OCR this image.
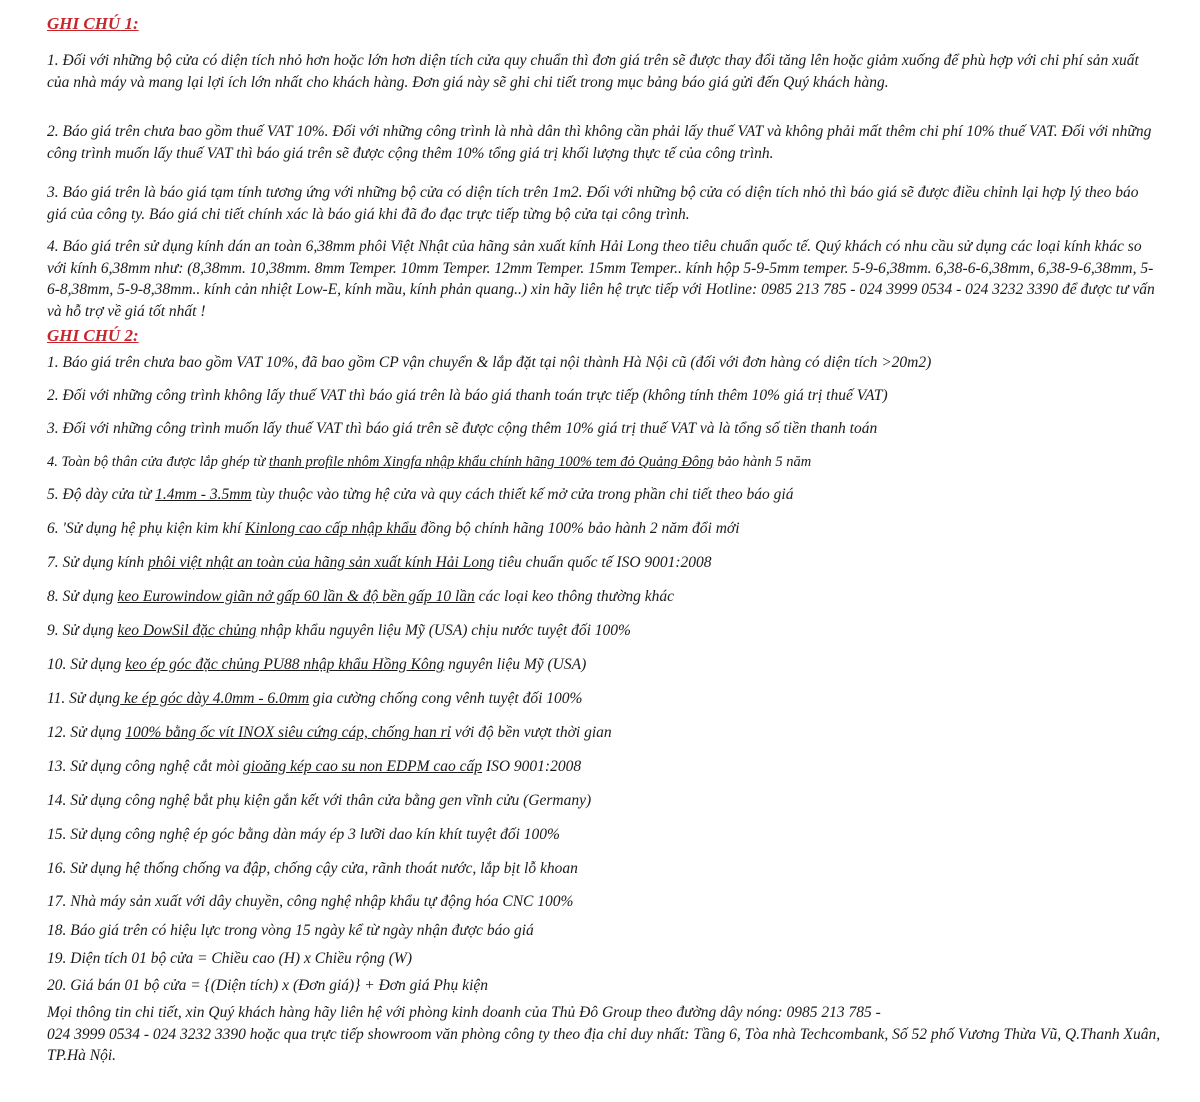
GHI CHÚ 1:

1. Đối với những bộ cửa có diện tích nhỏ hơn hoặc lớn hơn diện tích cửa quy chuẩn thì đơn giá trên sẽ được thay đổi tăng lên hoặc giảm xuống để phù hợp với chi phí sản xuất của nhà máy và mang lại lợi ích lớn nhất cho khách hàng. Đơn giá này sẽ ghi chi tiết trong mục bảng báo giá gửi đến Quý khách hàng.

2. Báo giá trên chưa bao gồm thuế VAT 10%. Đối với những công trình là nhà dân thì không cần phải lấy thuế VAT và không phải mất thêm chi phí 10% thuế VAT. Đối với những công trình muốn lấy thuế VAT thì báo giá trên sẽ được cộng thêm 10% tổng giá trị khối lượng thực tế của công trình.

3. Báo giá trên là báo giá tạm tính tương ứng với những bộ cửa có diện tích trên 1m2. Đối với những bộ cửa có diện tích nhỏ thì báo giá sẽ được điều chỉnh lại hợp lý theo báo giá của công ty. Báo giá chi tiết chính xác là báo giá khi đã đo đạc trực tiếp từng bộ cửa tại công trình.

4. Báo giá trên sử dụng kính dán an toàn 6,38mm phôi Việt Nhật của hãng sản xuất kính Hải Long theo tiêu chuẩn quốc tế. Quý khách có nhu cầu sử dụng các loại kính khác so với kính 6,38mm như: (8,38mm. 10,38mm. 8mm Temper. 10mm Temper. 12mm Temper. 15mm Temper.. kính hộp 5-9-5mm temper. 5-9-6,38mm. 6,38-6-6,38mm, 6,38-9-6,38mm, 5-6-8,38mm, 5-9-8,38mm.. kính cản nhiệt Low-E, kính mầu, kính phản quang..) xin hãy liên hệ trực tiếp với Hotline: 0985 213 785 - 024 3999 0534 - 024 3232 3390 để được tư vấn và hỗ trợ về giá tốt nhất !

GHI CHÚ 2:

1. Báo giá trên chưa bao gồm VAT 10%, đã bao gồm CP vận chuyển & lắp đặt tại nội thành Hà Nội cũ (đối với đơn hàng có diện tích >20m2)

2. Đối với những công trình không lấy thuế VAT thì báo giá trên là báo giá thanh toán trực tiếp (không tính thêm 10% giá trị thuế VAT)

3. Đối với những công trình muốn lấy thuế VAT thì báo giá trên sẽ được cộng thêm 10% giá trị thuế VAT và là tổng số tiền thanh toán

4. Toàn bộ thân cửa được lắp ghép từ thanh profile nhôm Xingfa nhập khẩu chính hãng 100% tem đỏ Quảng Đông bảo hành 5 năm

5. Độ dày cửa từ 1.4mm - 3.5mm tùy thuộc vào từng hệ cửa và quy cách thiết kế mở cửa trong phần chi tiết theo báo giá

6. 'Sử dụng hệ phụ kiện kim khí Kinlong cao cấp nhập khẩu đồng bộ chính hãng 100% bảo hành 2 năm đổi mới

7. Sử dụng kính phôi việt nhật an toàn của hãng sản xuất kính Hải Long tiêu chuẩn quốc tế ISO 9001:2008

8. Sử dụng keo Eurowindow giãn nở gấp 60 lần & độ bền gấp 10 lần các loại keo thông thường khác

9. Sử dụng keo DowSil đặc chủng nhập khẩu nguyên liệu Mỹ (USA) chịu nước tuyệt đối 100%

10. Sử dụng keo ép góc đặc chủng PU88 nhập khẩu Hồng Kông nguyên liệu Mỹ (USA)

11. Sử dụng ke ép góc dày 4.0mm - 6.0mm gia cường chống cong vênh tuyệt đối 100%

12. Sử dụng 100% bằng ốc vít INOX siêu cứng cáp, chống han rỉ với độ bền vượt thời gian

13. Sử dụng công nghệ cắt mòi gioăng kép cao su non EDPM cao cấp ISO 9001:2008

14. Sử dụng công nghệ bắt phụ kiện gắn kết với thân cửa bằng gen vĩnh cửu (Germany)

15. Sử dụng công nghệ ép góc bằng dàn máy ép 3 lưỡi dao kín khít tuyệt đối 100%

16. Sử dụng hệ thống chống va đập, chống cậy cửa, rãnh thoát nước, lắp bịt lỗ khoan

17. Nhà máy sản xuất với dây chuyền, công nghệ nhập khẩu tự động hóa CNC 100%

18. Báo giá trên có hiệu lực trong vòng 15 ngày kể từ ngày nhận được báo giá

19. Diện tích 01 bộ cửa = Chiều cao (H) x Chiều rộng (W)

20. Giá bán 01 bộ cửa = {(Diện tích) x (Đơn giá)} + Đơn giá Phụ kiện

Mọi thông tin chi tiết, xin Quý khách hàng hãy liên hệ với phòng kinh doanh của Thủ Đô Group theo đường dây nóng: 0985 213 785 -
024 3999 0534 - 024 3232 3390 hoặc qua trực tiếp showroom văn phòng công ty theo địa chỉ duy nhất: Tầng 6, Tòa nhà Techcombank, Số 52 phố Vương Thừa Vũ, Q.Thanh Xuân, TP.Hà Nội.
